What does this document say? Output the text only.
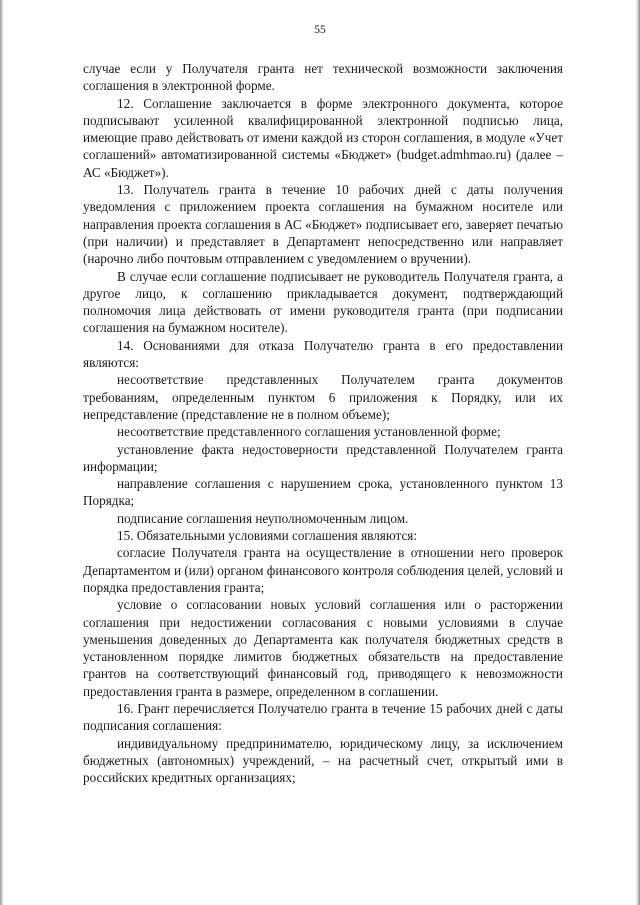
55

случае если у Получателя гранта нет технической возможности заключения соглашения в электронной форме.

12. Соглашение заключается в форме электронного документа, которое подписывают усиленной квалифицированной электронной подписью лица, имеющие право действовать от имени каждой из сторон соглашения, в модуле «Учет соглашений» автоматизированной системы «Бюджет» (budget.admhmao.ru) (далее – АС «Бюджет»).

13. Получатель гранта в течение 10 рабочих дней с даты получения уведомления с приложением проекта соглашения на бумажном носителе или направления проекта соглашения в АС «Бюджет» подписывает его, заверяет печатью (при наличии) и представляет в Департамент непосредственно или направляет (нарочно либо почтовым отправлением с уведомлением о вручении).

В случае если соглашение подписывает не руководитель Получателя гранта, а другое лицо, к соглашению прикладывается документ, подтверждающий полномочия лица действовать от имени руководителя гранта (при подписании соглашения на бумажном носителе).

14. Основаниями для отказа Получателю гранта в его предоставлении являются:

несоответствие представленных Получателем гранта документов требованиям, определенным пунктом 6 приложения к Порядку, или их непредставление (представление не в полном объеме);

несоответствие представленного соглашения установленной форме;

установление факта недостоверности представленной Получателем гранта информации;

направление соглашения с нарушением срока, установленного пунктом 13 Порядка;

подписание соглашения неуполномоченным лицом.

15. Обязательными условиями соглашения являются:

согласие Получателя гранта на осуществление в отношении него проверок Департаментом и (или) органом финансового контроля соблюдения целей, условий и порядка предоставления гранта;

условие о согласовании новых условий соглашения или о расторжении соглашения при недостижении согласования с новыми условиями в случае уменьшения доведенных до Департамента как получателя бюджетных средств в установленном порядке лимитов бюджетных обязательств на предоставление грантов на соответствующий финансовый год, приводящего к невозможности предоставления гранта в размере, определенном в соглашении.

16. Грант перечисляется Получателю гранта в течение 15 рабочих дней с даты подписания соглашения:

индивидуальному предпринимателю, юридическому лицу, за исключением бюджетных (автономных) учреждений, – на расчетный счет, открытый ими в российских кредитных организациях;
